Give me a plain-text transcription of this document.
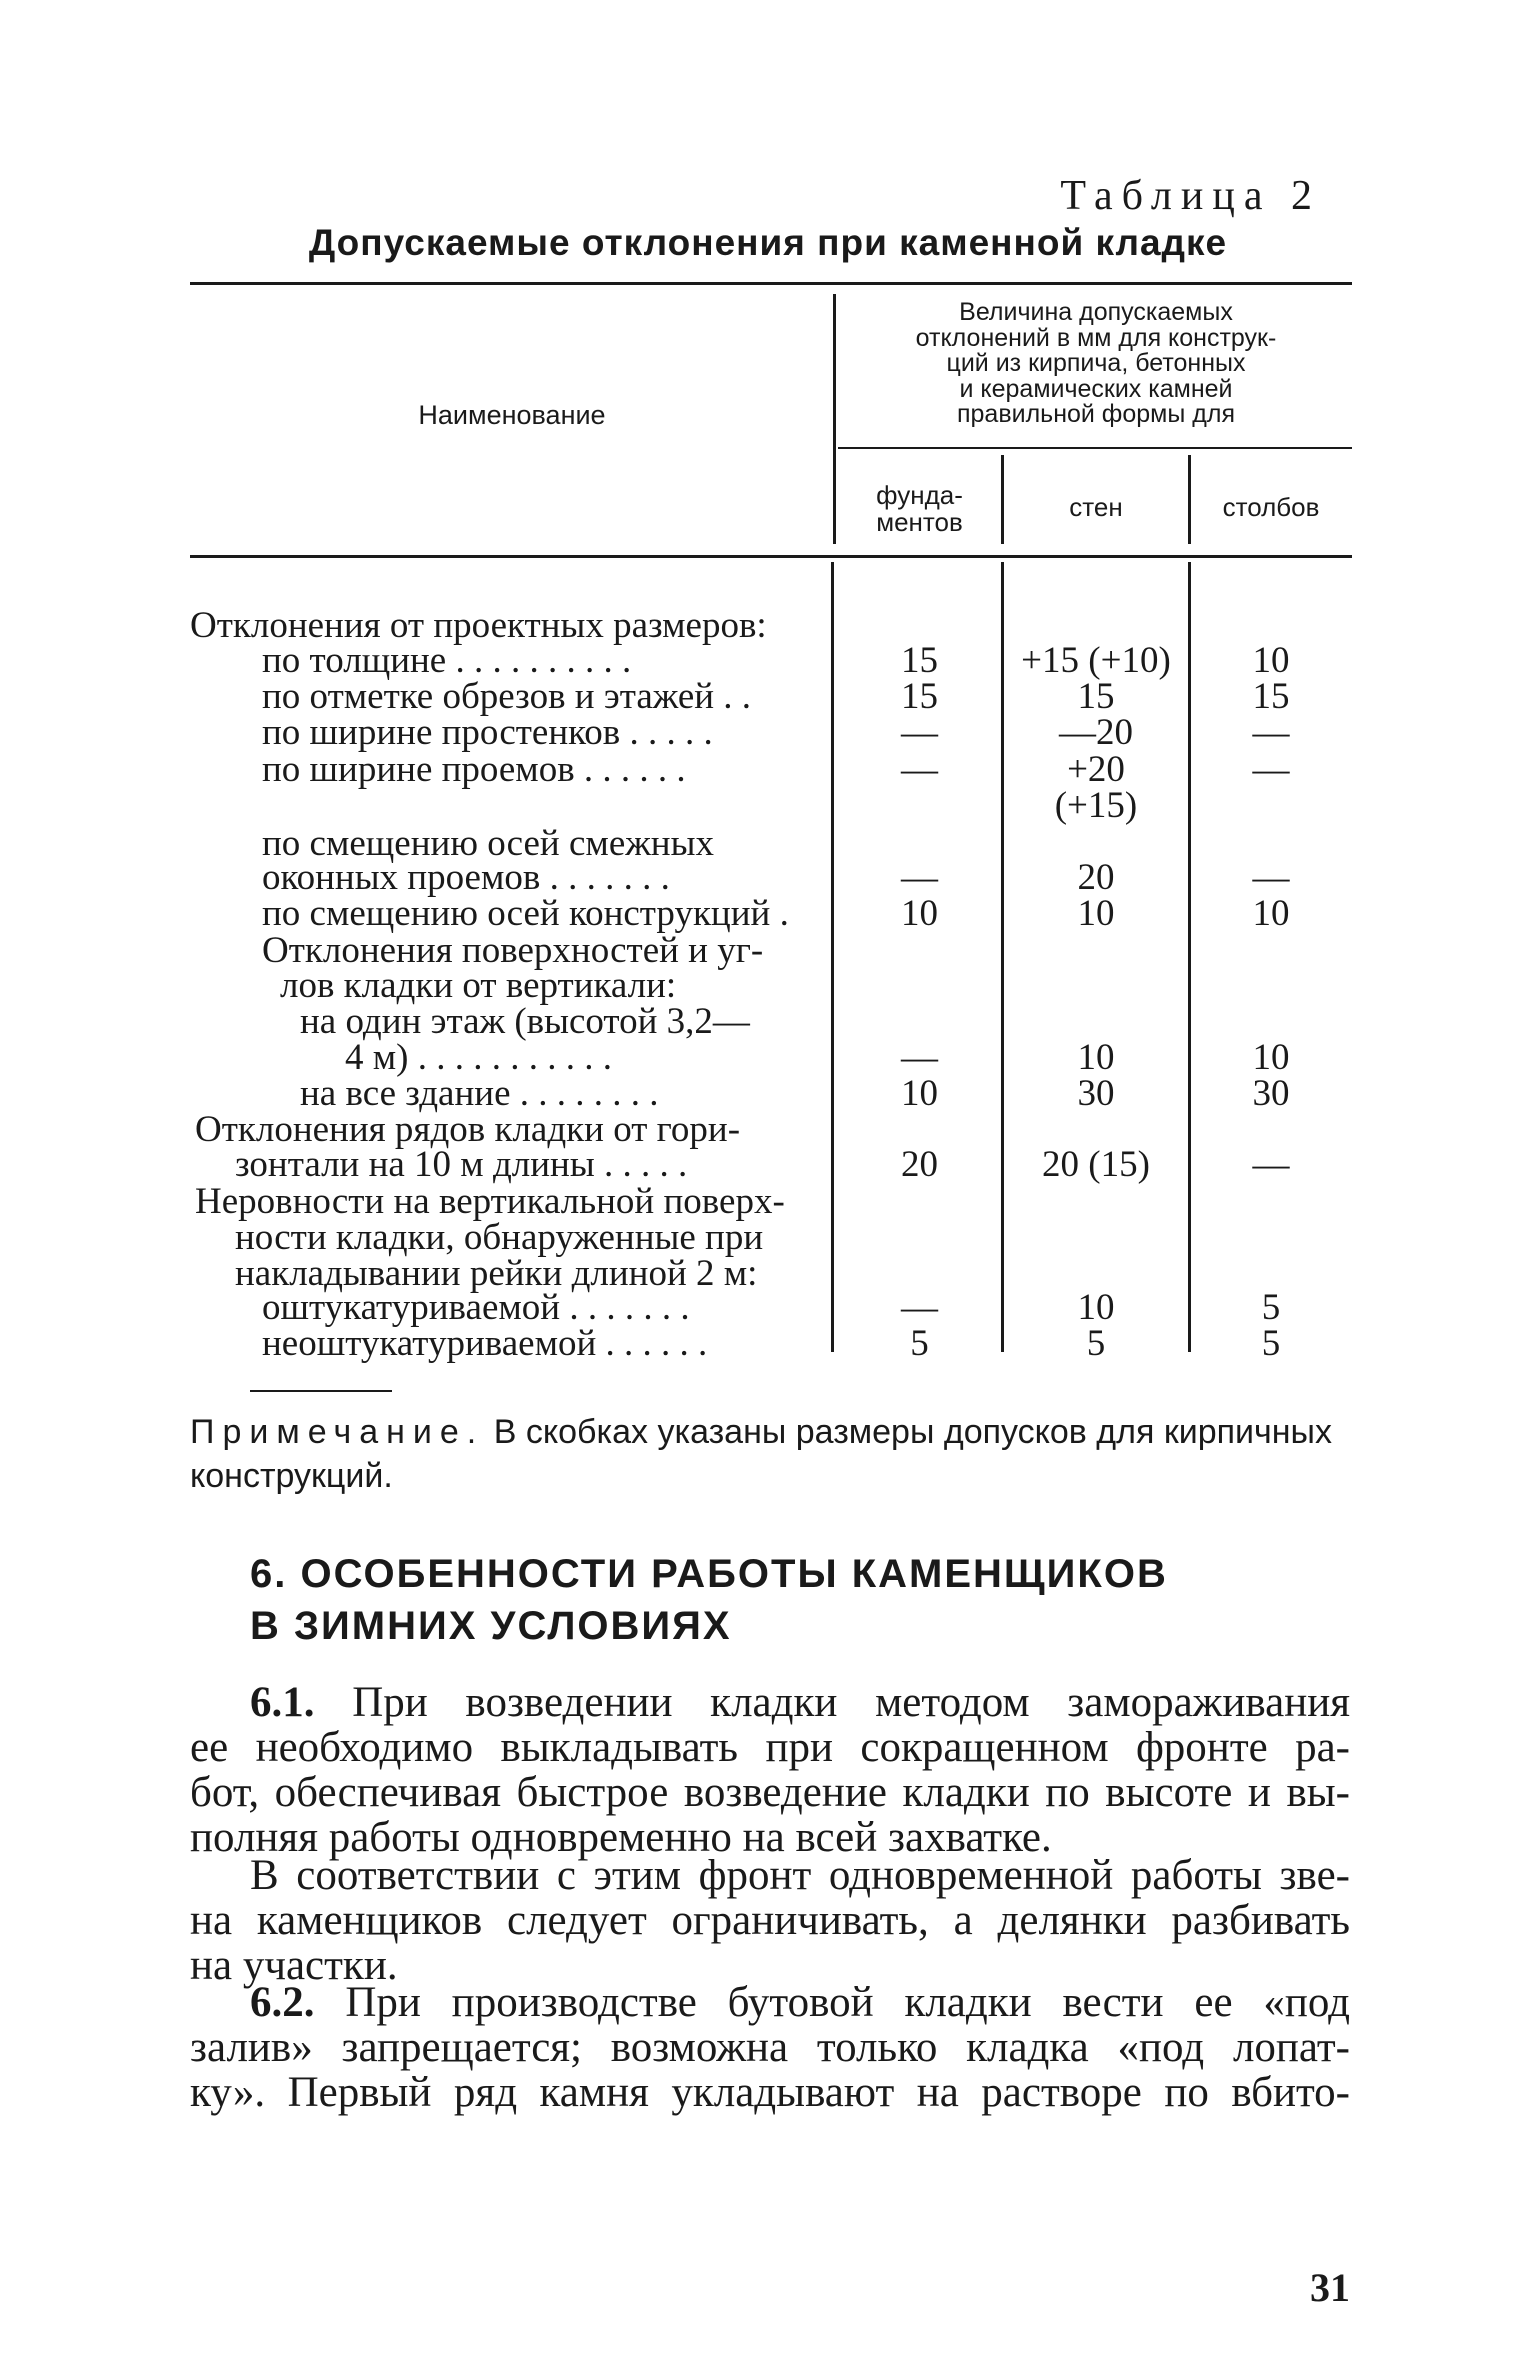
Таблица 2
Допускаемые отклонения при каменной кладке
Наименование
Величина допускаемых
отклонений в мм для конструк-
ций из кирпича, бетонных
и керамических камней
правильной формы для
фунда-
ментов	стен	столбов
Отклонения от проектных размеров:
по толщине . . . . . . . . . .	15	+15 (+10)	10
по отметке обрезов и этажей . .	15	15	15
по ширине простенков . . . . .	—	—20	—
по ширине проемов . . . . . .	—	+20	—
(+15)
по смещению осей смежных
оконных проемов . . . . . . .	—	20	—
по смещению осей конструкций .	10	10	10
Отклонения поверхностей и уг-
лов кладки от вертикали:
на один этаж (высотой 3,2—
4 м) . . . . . . . . . . .	—	10	10
на все здание . . . . . . . .	10	30	30
Отклонения рядов кладки от гори-
зонтали на 10 м длины . . . . .	20	20 (15)	—
Неровности на вертикальной поверх-
ности кладки, обнаруженные при
накладывании рейки длиной 2 м:
оштукатуриваемой . . . . . . .	—	10	5
неоштукатуриваемой . . . . . .	5	5	5
Примечание. В скобках указаны размеры допусков для кирпичных конструкций.
6. ОСОБЕННОСТИ РАБОТЫ КАМЕНЩИКОВ
В ЗИМНИХ УСЛОВИЯХ
6.1. При возведении кладки методом замораживания
ее необходимо выкладывать при сокращенном фронте ра-
бот, обеспечивая быстрое возведение кладки по высоте и вы-
полняя работы одновременно на всей захватке.
В соответствии с этим фронт одновременной работы зве-
на каменщиков следует ограничивать, а делянки разбивать
на участки.
6.2. При производстве бутовой кладки вести ее «под
залив» запрещается; возможна только кладка «под лопат-
ку». Первый ряд камня укладывают на растворе по вбито-
31
